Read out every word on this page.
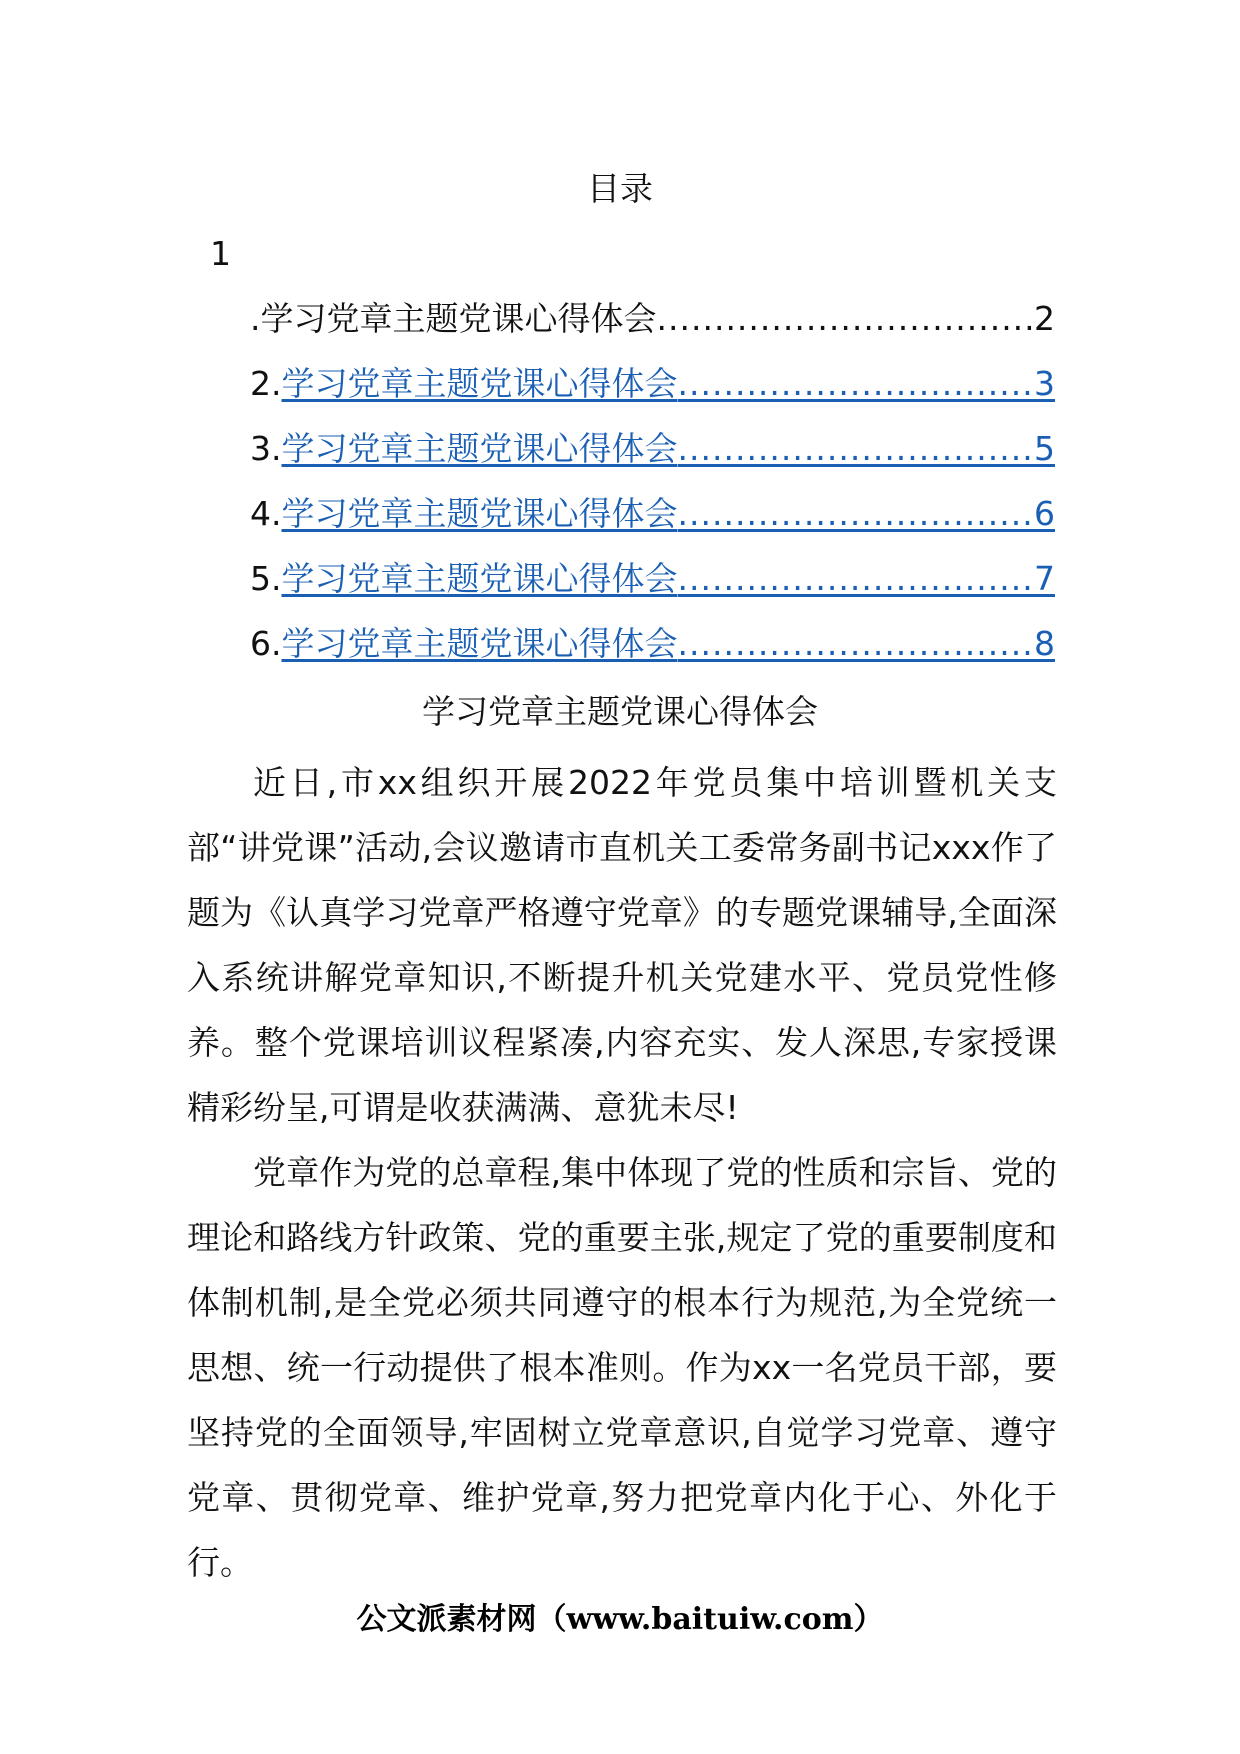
目录
1
.学习党章主题党课心得体会 .....	2
2. 学习党章主题党课心得体会 .....	3
3. 学习党章主题党课心得体会 .....	5
4. 学习党章主题党课心得体会 .....	6
5. 学习党章主题党课心得体会 .....	7
6. 学习党章主题党课心得体会 .....	8
学习党章主题党课心得体会

近日,市xx组织开展2022年党员集中培训暨机关支部“讲党课”活动,会议邀请市直机关工委常务副书记xxx作了题为《认真学习党章严格遵守党章》的专题党课辅导,全面深入系统讲解党章知识,不断提升机关党建水平、党员党性修养。整个党课培训议程紧凑,内容充实、发人深思,专家授课精彩纷呈,可谓是收获满满、意犹未尽!

党章作为党的总章程,集中体现了党的性质和宗旨、党的理论和路线方针政策、党的重要主张,规定了党的重要制度和体制机制,是全党必须共同遵守的根本行为规范,为全党统一思想、统一行动提供了根本准则。作为xx一名党员干部，要坚持党的全面领导,牢固树立党章意识,自觉学习党章、遵守党章、贯彻党章、维护党章,努力把党章内化于心、外化于行。

公文派素材网（www.baituiw.com）
